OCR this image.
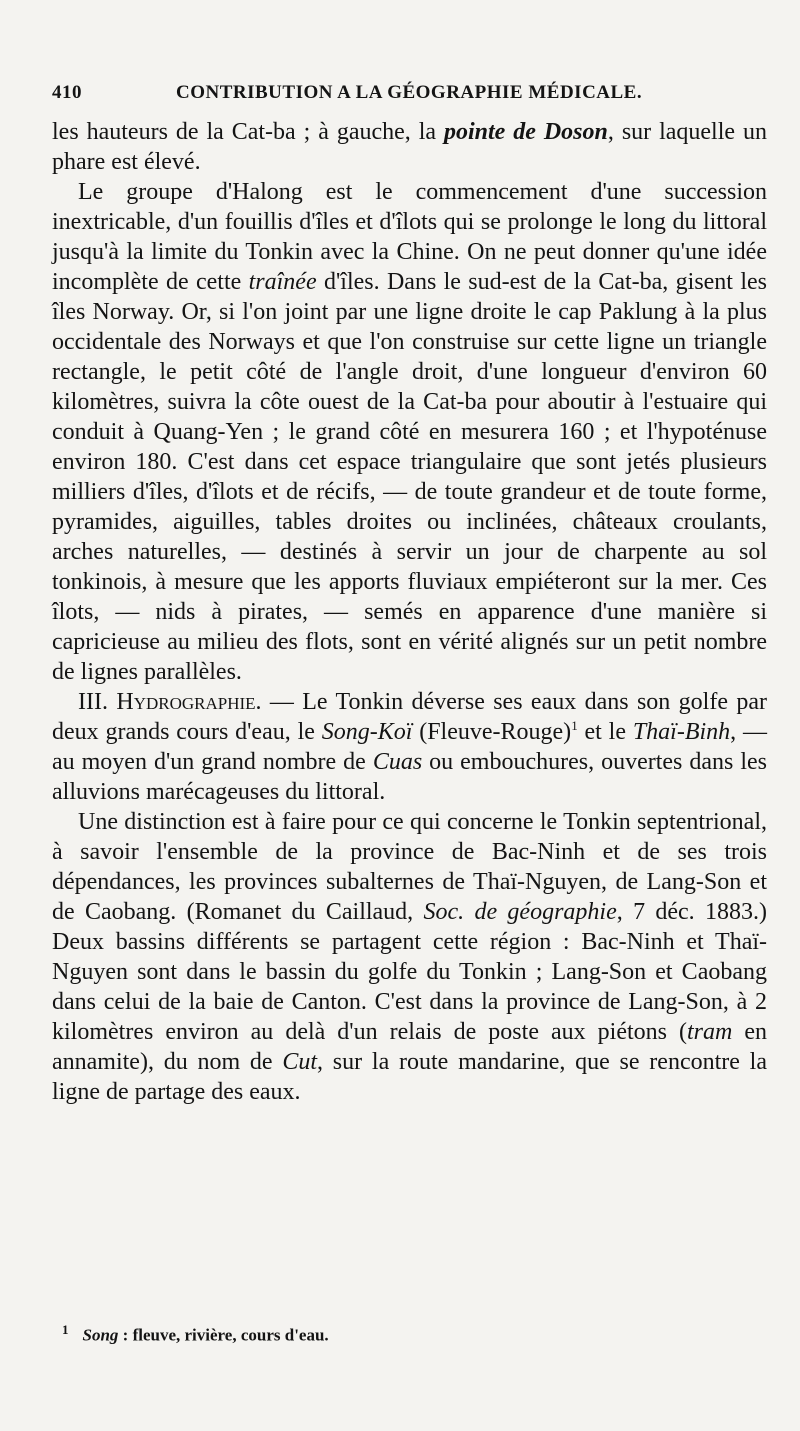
410	CONTRIBUTION A LA GÉOGRAPHIE MÉDICALE.

les hauteurs de la Cat-ba ; à gauche, la pointe de Doson, sur laquelle un phare est élevé.

Le groupe d'Halong est le commencement d'une succession inextricable, d'un fouillis d'îles et d'îlots qui se prolonge le long du littoral jusqu'à la limite du Tonkin avec la Chine. On ne peut donner qu'une idée incomplète de cette traînée d'îles. Dans le sud-est de la Cat-ba, gisent les îles Norway. Or, si l'on joint par une ligne droite le cap Paklung à la plus occidentale des Norways et que l'on construise sur cette ligne un triangle rectangle, le petit côté de l'angle droit, d'une longueur d'environ 60 kilomètres, suivra la côte ouest de la Cat-ba pour aboutir à l'estuaire qui conduit à Quang-Yen ; le grand côté en mesurera 160 ; et l'hypoténuse environ 180. C'est dans cet espace triangulaire que sont jetés plusieurs milliers d'îles, d'îlots et de récifs, — de toute grandeur et de toute forme, pyramides, aiguilles, tables droites ou inclinées, châteaux croulants, arches naturelles, — destinés à servir un jour de charpente au sol tonkinois, à mesure que les apports fluviaux empiéteront sur la mer. Ces îlots, — nids à pirates, — semés en apparence d'une manière si capricieuse au milieu des flots, sont en vérité alignés sur un petit nombre de lignes parallèles.

III. Hydrographie. — Le Tonkin déverse ses eaux dans son golfe par deux grands cours d'eau, le Song-Koï (Fleuve-Rouge)$^1$ et le Thaï-Binh, — au moyen d'un grand nombre de Cuas ou embouchures, ouvertes dans les alluvions marécageuses du littoral.

Une distinction est à faire pour ce qui concerne le Tonkin septentrional, à savoir l'ensemble de la province de Bac-Ninh et de ses trois dépendances, les provinces subalternes de Thaï-Nguyen, de Lang-Son et de Caobang. (Romanet du Caillaud, Soc. de géographie, 7 déc. 1883.) Deux bassins différents se partagent cette région : Bac-Ninh et Thaï-Nguyen sont dans le bassin du golfe du Tonkin ; Lang-Son et Caobang dans celui de la baie de Canton. C'est dans la province de Lang-Son, à 2 kilomètres environ au delà d'un relais de poste aux piétons (tram en annamite), du nom de Cut, sur la route mandarine, que se rencontre la ligne de partage des eaux.

$^1$ Song : fleuve, rivière, cours d'eau.
